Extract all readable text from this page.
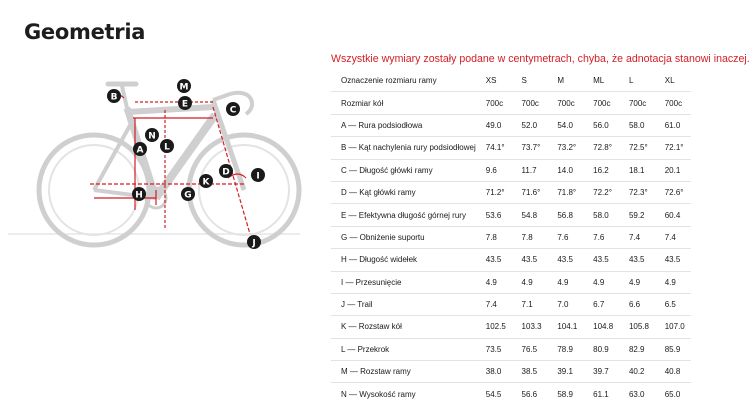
Geometria
B
M
E
C
N
A L
D	I
K
H	G
J
Wszystkie wymiary zostały podane w centymetrach, chyba, że adnotacja stanowi inaczej.
Oznaczenie rozmiaru ramy	XS	S	M	ML	L	XL
Rozmiar kół	700c	700c	700c	700c	700c	700c
A — Rura podsiodłowa	49.0	52.0	54.0	56.0	58.0	61.0
B — Kąt nachylenia rury podsiodłowej	74.1°	73.7°	73.2°	72.8°	72.5°	72.1°
C — Długość główki ramy	9.6	11.7	14.0	16.2	18.1	20.1
D — Kąt główki ramy	71.2°	71.6°	71.8°	72.2°	72.3°	72.6°
E — Efektywna długość górnej rury	53.6	54.8	56.8	58.0	59.2	60.4
G — Obniżenie suportu	7.8	7.8	7.6	7.6	7.4	7.4
H — Długość widełek	43.5	43.5	43.5	43.5	43.5	43.5
I — Przesunięcie	4.9	4.9	4.9	4.9	4.9	4.9
J — Trail	7.4	7.1	7.0	6.7	6.6	6.5
K — Rozstaw kół	102.5	103.3	104.1	104.8	105.8	107.0
L — Przekrok	73.5	76.5	78.9	80.9	82.9	85.9
M — Rozstaw ramy	38.0	38.5	39.1	39.7	40.2	40.8
N — Wysokość ramy	54.5	56.6	58.9	61.1	63.0	65.0
